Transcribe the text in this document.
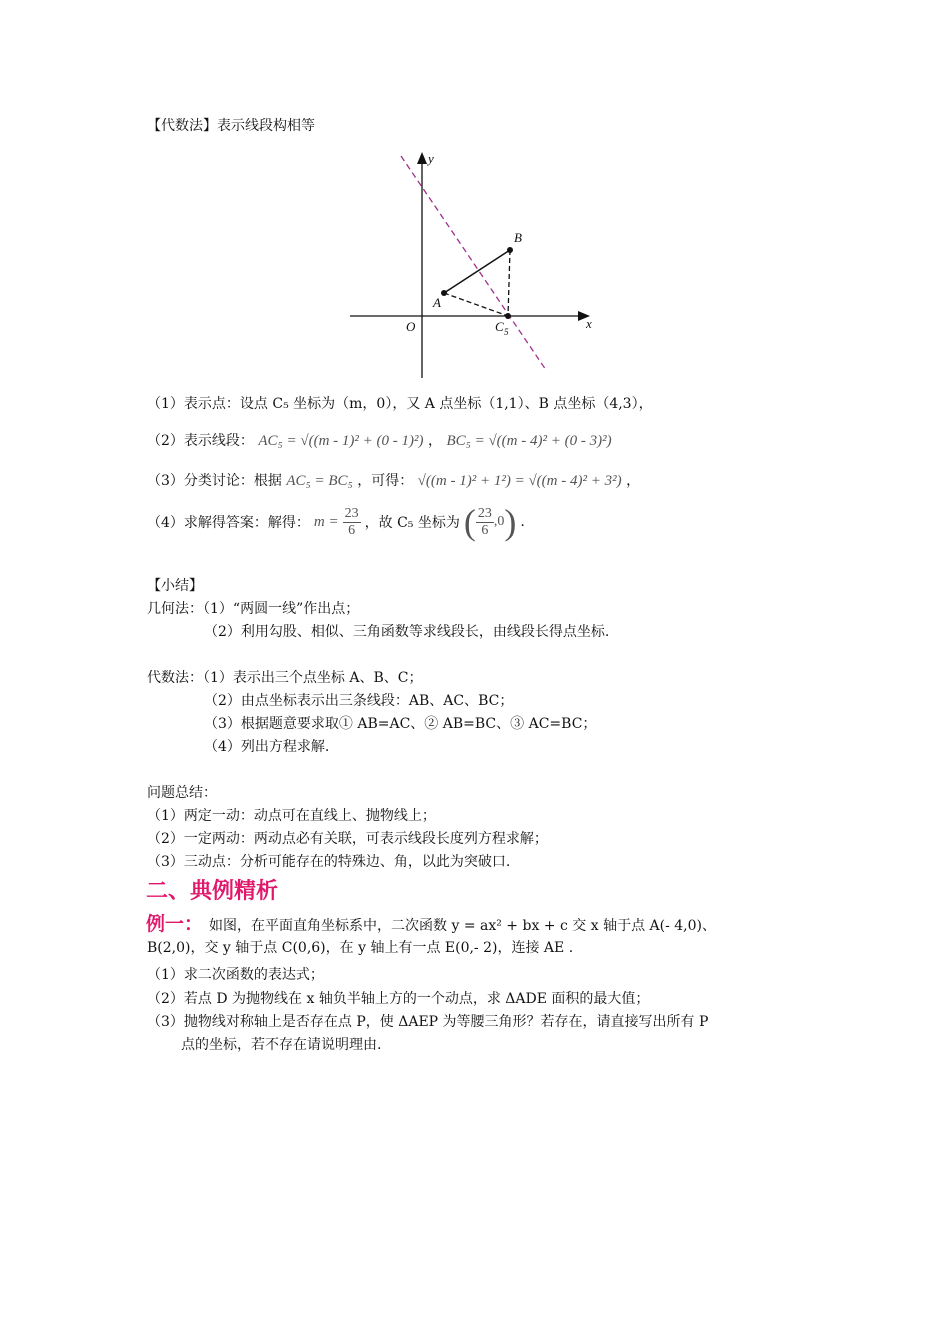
【代数法】表示线段构相等
y
x
O
A
B
C 5
（1）表示点：设点 C₅ 坐标为（m，0），又 A 点坐标（1,1）、B 点坐标（4,3），
（2）表示线段： AC₅ = √((m - 1)² + (0 - 1)²) ， BC₅ = √((m - 4)² + (0 - 3)²)
（3）分类讨论：根据 AC₅ = BC₅ ，可得： √((m - 1)² + 1²) = √((m - 4)² + 3²) ，
（4）求解得答案：解得： $m = \frac{23}{6}$ ，故 C₅ 坐标为 ( $\frac{23}{6} ,0$ ) .
【小结】
几何法：（1）“两圆一线”作出点；
（2）利用勾股、相似、三角函数等求线段长，由线段长得点坐标.
代数法：（1）表示出三个点坐标 A、B、C；
（2）由点坐标表示出三条线段：AB、AC、BC；
（3）根据题意要求取① AB=AC、② AB=BC、③ AC=BC；
（4）列出方程求解.
问题总结：
（1）两定一动：动点可在直线上、抛物线上；
（2）一定两动：两动点必有关联，可表示线段长度列方程求解；
（3）三动点：分析可能存在的特殊边、角，以此为突破口.
二、典例精析
例一： 如图，在平面直角坐标系中，二次函数 y = ax² + bx + c 交 x 轴于点 A(- 4,0)、
B(2,0)，交 y 轴于点 C(0,6)，在 y 轴上有一点 E(0,- 2)，连接 AE .
（1）求二次函数的表达式；
（2）若点 D 为抛物线在 x 轴负半轴上方的一个动点，求 ΔADE 面积的最大值；
（3）抛物线对称轴上是否存在点 P，使 ΔAEP 为等腰三角形？若存在，请直接写出所有 P
点的坐标，若不存在请说明理由.
